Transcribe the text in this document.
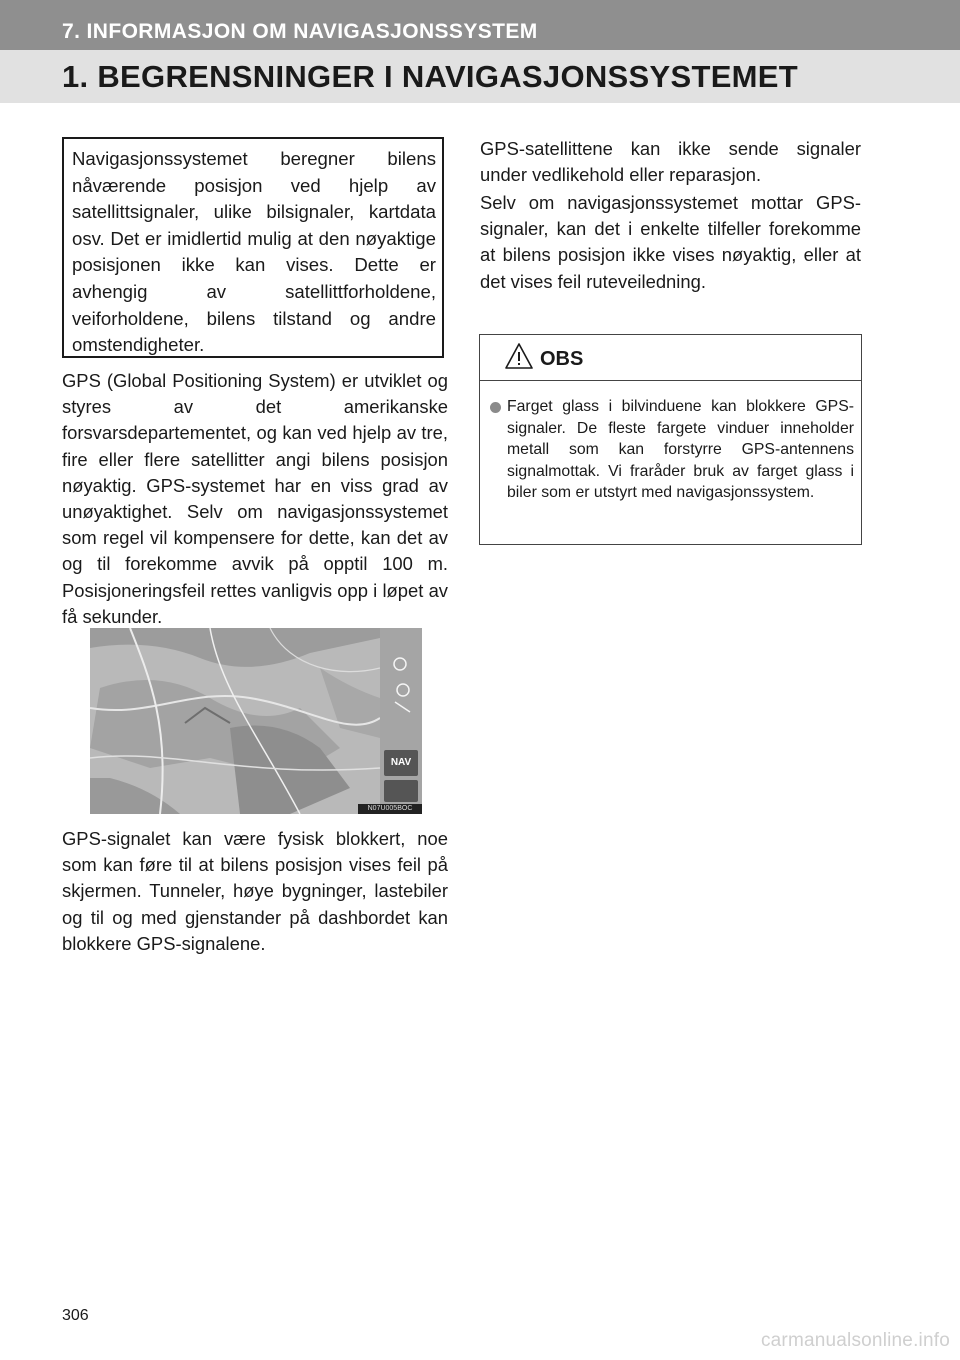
7. INFORMASJON OM NAVIGASJONSSYSTEM
1. BEGRENSNINGER I NAVIGASJONSSYSTEMET
Navigasjonssystemet beregner bilens nåværende posisjon ved hjelp av satellittsignaler, ulike bilsignaler, kartdata osv. Det er imidlertid mulig at den nøyaktige posisjonen ikke kan vises. Dette er avhengig av satellittforholdene, veiforholdene, bilens tilstand og andre omstendigheter.

GPS (Global Positioning System) er utviklet og styres av det amerikanske forsvarsdepartementet, og kan ved hjelp av tre, fire eller flere satellitter angi bilens posisjon nøyaktig. GPS-systemet har en viss grad av unøyaktighet. Selv om navigasjonssystemet som regel vil kompensere for dette, kan det av og til forekomme avvik på opptil 100 m. Posisjoneringsfeil rettes vanligvis opp i løpet av få sekunder.

NAV
N07U005BOC

GPS-signalet kan være fysisk blokkert, noe som kan føre til at bilens posisjon vises feil på skjermen. Tunneler, høye bygninger, lastebiler og til og med gjenstander på dashbordet kan blokkere GPS-signalene.

GPS-satellittene kan ikke sende signaler under vedlikehold eller reparasjon.

Selv om navigasjonssystemet mottar GPS-signaler, kan det i enkelte tilfeller forekomme at bilens posisjon ikke vises nøyaktig, eller at det vises feil ruteveiledning.

OBS

Farget glass i bilvinduene kan blokkere GPS-signaler. De fleste fargete vinduer inneholder metall som kan forstyrre GPS-antennens signalmottak. Vi fraråder bruk av farget glass i biler som er utstyrt med navigasjonssystem.

306
carmanualsonline.info
